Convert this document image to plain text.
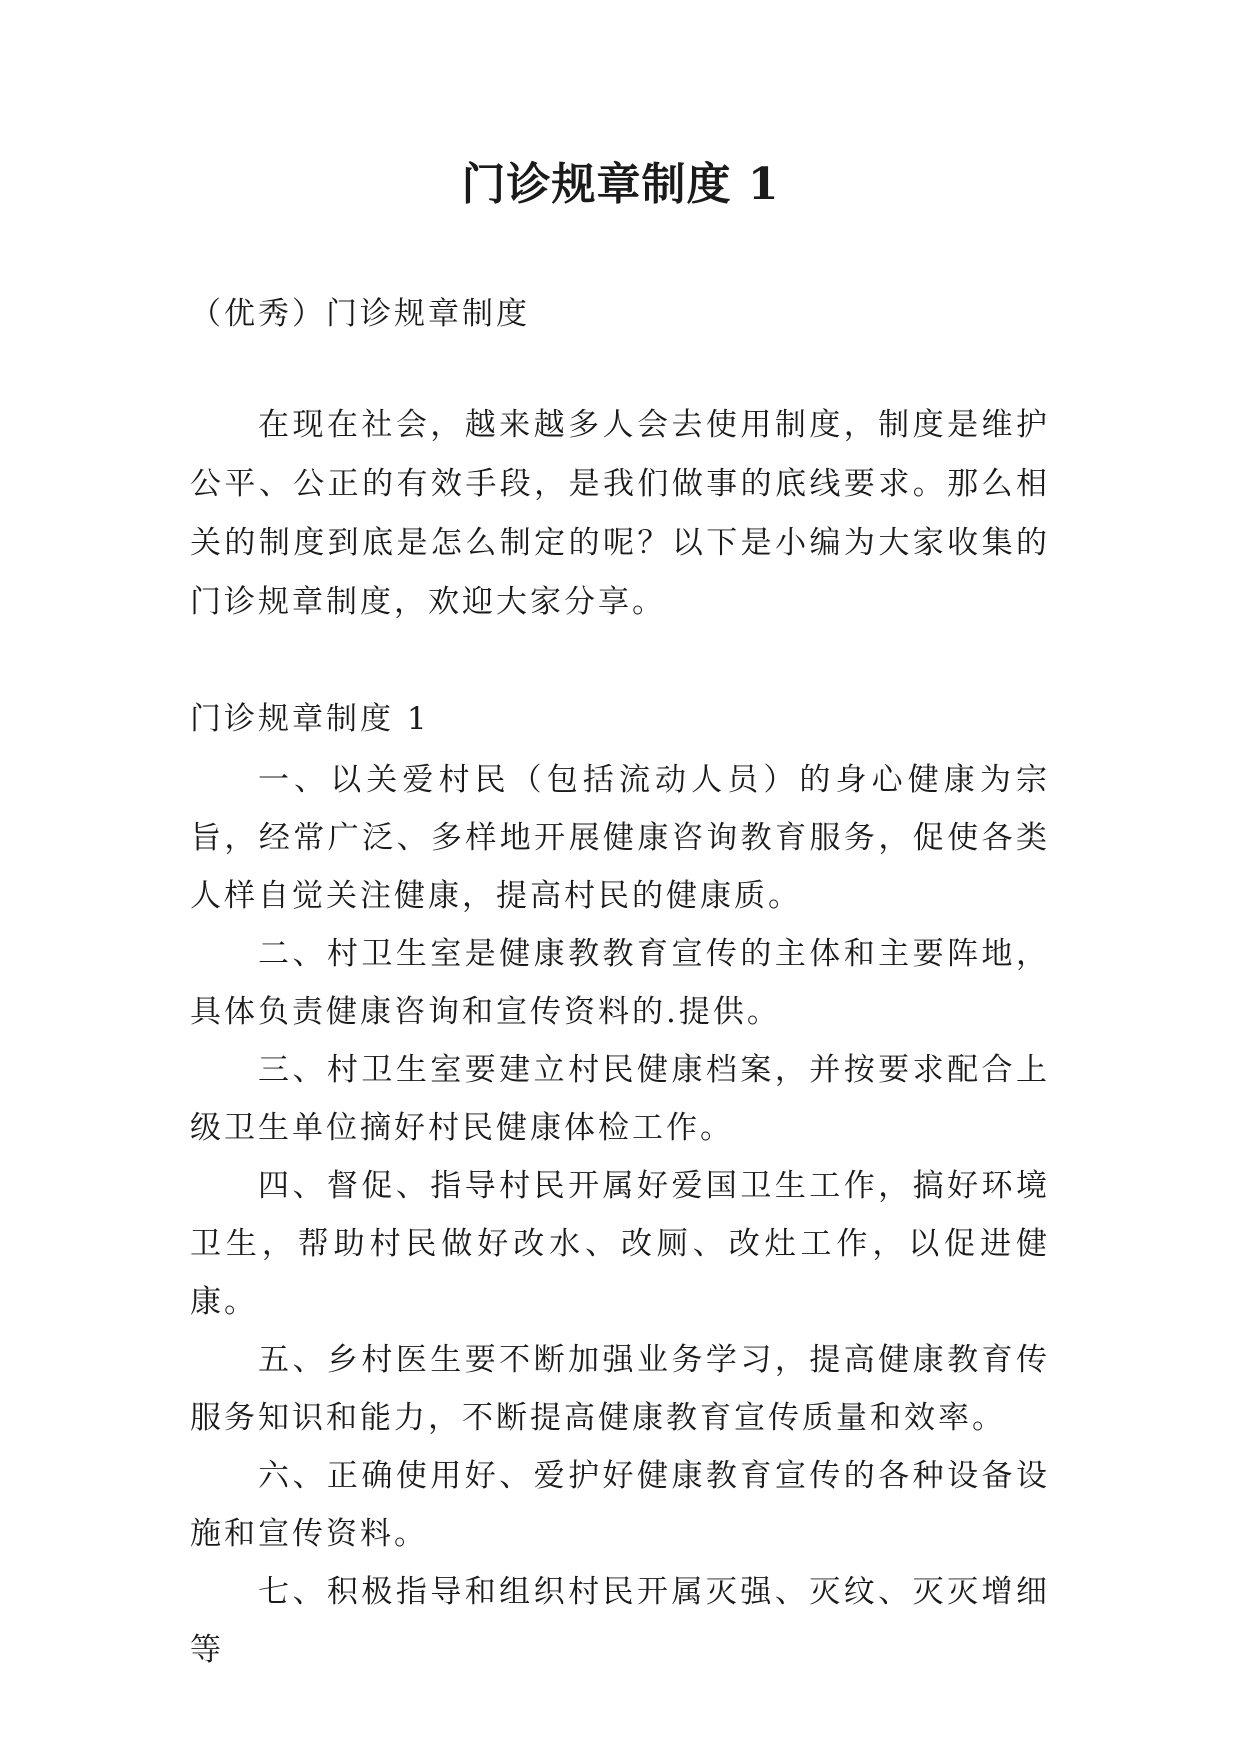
门诊规章制度 1

（优秀）门诊规章制度

在现在社会，越来越多人会去使用制度，制度是维护公平、公正的有效手段，是我们做事的底线要求。那么相关的制度到底是怎么制定的呢？以下是小编为大家收集的门诊规章制度，欢迎大家分享。

门诊规章制度 1

一、以关爱村民（包括流动人员）的身心健康为宗旨，经常广泛、多样地开展健康咨询教育服务，促使各类人样自觉关注健康，提高村民的健康质。

二、村卫生室是健康教教育宣传的主体和主要阵地，具体负责健康咨询和宣传资料的.提供。

三、村卫生室要建立村民健康档案，并按要求配合上级卫生单位摘好村民健康体检工作。

四、督促、指导村民开属好爱国卫生工作，搞好环境卫生，帮助村民做好改水、改厕、改灶工作，以促进健康。

五、乡村医生要不断加强业务学习，提高健康教育传服务知识和能力，不断提高健康教育宣传质量和效率。

六、正确使用好、爱护好健康教育宣传的各种设备设施和宣传资料。

七、积极指导和组织村民开属灭强、灭纹、灭灭增细等
